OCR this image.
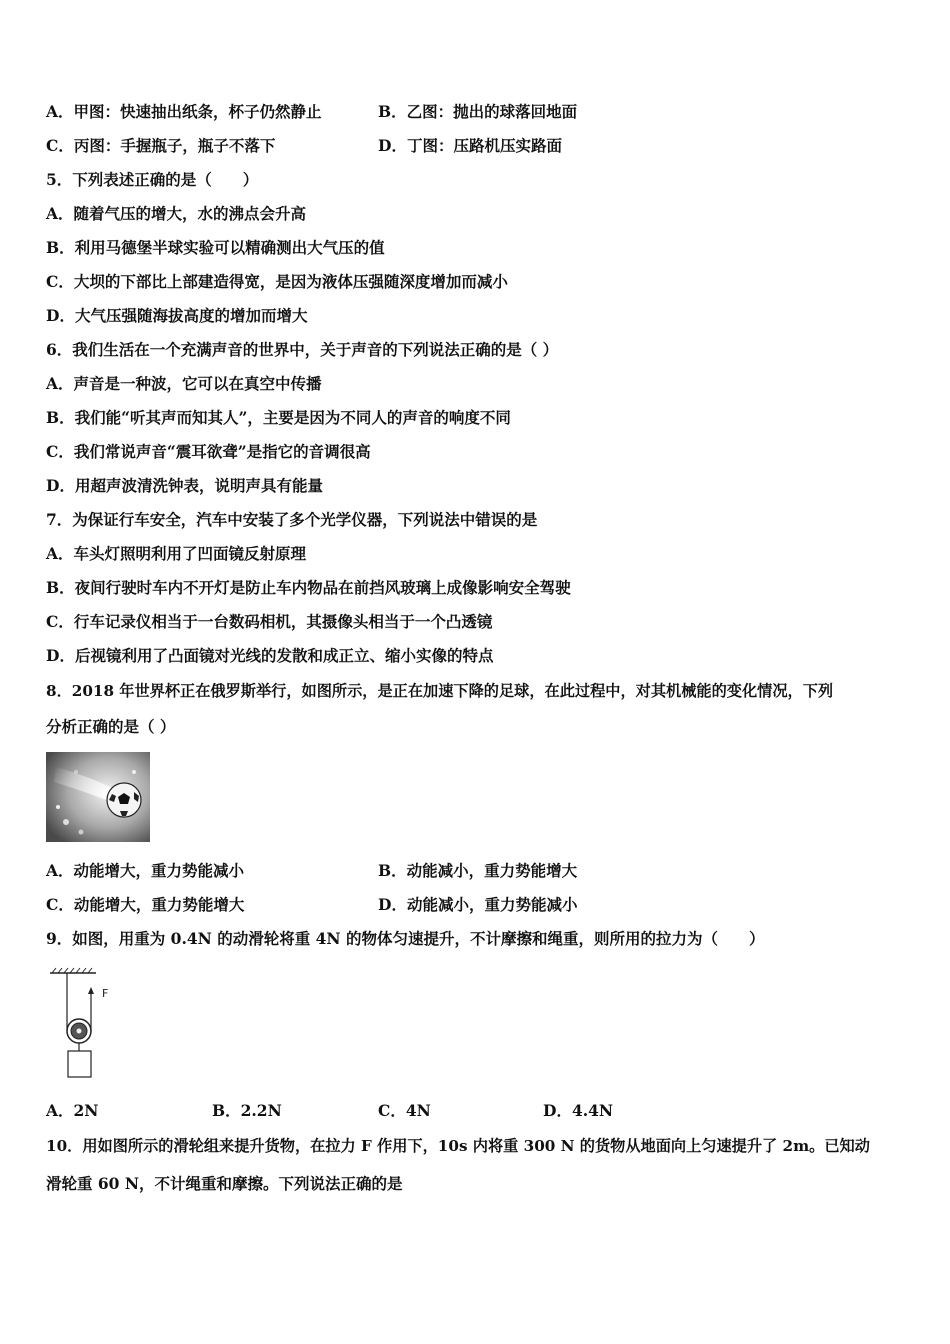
A．甲图：快速抽出纸条，杯子仍然静止	B．乙图：抛出的球落回地面
C．丙图：手握瓶子，瓶子不落下	D．丁图：压路机压实路面
5．下列表述正确的是（　　）
A．随着气压的增大，水的沸点会升高
B．利用马德堡半球实验可以精确测出大气压的值
C．大坝的下部比上部建造得宽，是因为液体压强随深度增加而减小
D．大气压强随海拔高度的增加而增大
6．我们生活在一个充满声音的世界中，关于声音的下列说法正确的是（ ）
A．声音是一种波，它可以在真空中传播
B．我们能“听其声而知其人”，主要是因为不同人的声音的响度不同
C．我们常说声音“震耳欲聋”是指它的音调很高
D．用超声波清洗钟表，说明声具有能量
7．为保证行车安全，汽车中安装了多个光学仪器，下列说法中错误的是
A．车头灯照明利用了凹面镜反射原理
B．夜间行驶时车内不开灯是防止车内物品在前挡风玻璃上成像影响安全驾驶
C．行车记录仪相当于一台数码相机，其摄像头相当于一个凸透镜
D．后视镜利用了凸面镜对光线的发散和成正立、缩小实像的特点
8．2018 年世界杯正在俄罗斯举行，如图所示，是正在加速下降的足球，在此过程中，对其机械能的变化情况，下列
分析正确的是（ ）
A．动能增大，重力势能减小	B．动能减小，重力势能增大
C．动能增大，重力势能增大	D．动能减小，重力势能减小
9．如图，用重为 0.4N 的动滑轮将重 4N 的物体匀速提升，不计摩擦和绳重，则所用的拉力为（　　）
F
A．2N	B．2.2N	C．4N	D．4.4N
10．用如图所示的滑轮组来提升货物，在拉力 F 作用下，10s 内将重 300 N 的货物从地面向上匀速提升了 2m。已知动
滑轮重 60 N，不计绳重和摩擦。下列说法正确的是
